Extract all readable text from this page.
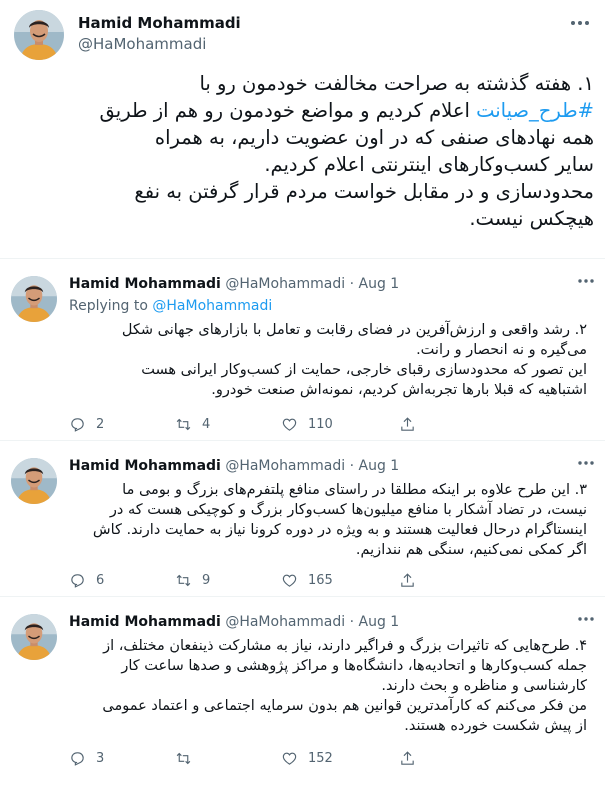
Hamid Mohammadi
@HaMohammadi

۱. هفته گذشته به صراحت مخالفت خودمون رو با

#طرح_صیانت اعلام کردیم و مواضع خودمون رو هم از طریق

همه نهادهای صنفی که در اون عضویت داریم، به همراه

سایر کسب‌وکارهای اینترنتی اعلام کردیم.

محدودسازی و در مقابل خواست مردم قرار گرفتن به نفع

هیچکس نیست.

Hamid Mohammadi @HaMohammadi · Aug 1
Replying to @HaMohammadi

۲. رشد واقعی و ارزش‌آفرین در فضای رقابت و تعامل با بازارهای جهانی شکل

می‌گیره و نه انحصار و رانت.

این تصور که محدودسازی رقبای خارجی، حمایت از کسب‌وکار ایرانی هست

اشتباهیه که قبلا بارها تجربه‌اش کردیم، نمونه‌اش صنعت خودرو.

2	4	110
Hamid Mohammadi @HaMohammadi · Aug 1

۳. این طرح علاوه بر اینکه مطلقا در راستای منافع پلتفرم‌های بزرگ و بومی ما

نیست، در تضاد آشکار با منافع میلیون‌ها کسب‌وکار بزرگ و کوچیکی هست که در

اینستاگرام درحال فعالیت هستند و به ویژه در دوره کرونا نیاز به حمایت دارند. کاش

اگر کمکی نمی‌کنیم، سنگی هم نندازیم.

6	9	165
Hamid Mohammadi @HaMohammadi · Aug 1

۴. طرح‌هایی که تاثیرات بزرگ و فراگیر دارند، نیاز به مشارکت ذینفعان مختلف، از

جمله کسب‌وکارها و اتحادیه‌ها، دانشگاه‌ها و مراکز پژوهشی و صدها ساعت کار

کارشناسی و مناظره و بحث دارند.

من فکر می‌کنم که کارآمدترین قوانین هم بدون سرمایه اجتماعی و اعتماد عمومی

از پیش شکست خورده هستند.

3	152
